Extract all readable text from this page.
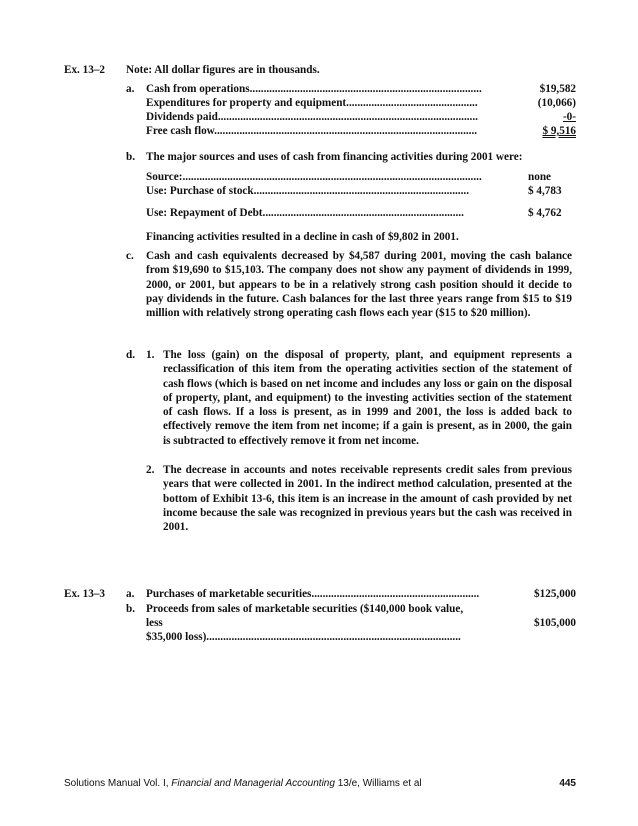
Ex. 13–2 Note: All dollar figures are in thousands.
a. Cash from operations...................................................................................	$19,582
Expenditures for property and equipment...............................................	(10,066)
Dividends paid.............................................................................................	-0-
Free cash flow..............................................................................................	$ 9,516
b. The major sources and uses of cash from financing activities during 2001 were:
Source:...........................................................................................................	none
Use: Purchase of stock.............................................................................	$ 4,783
Use: Repayment of Debt........................................................................	$ 4,762
Financing activities resulted in a decline in cash of $9,802 in 2001.
c. Cash and cash equivalents decreased by $4,587 during 2001, moving the cash balance from $19,690 to $15,103. The company does not show any payment of dividends in 1999, 2000, or 2001, but appears to be in a relatively strong cash position should it decide to pay dividends in the future. Cash balances for the last three years range from $15 to $19 million with relatively strong operating cash flows each year ($15 to $20 million).
d. 1. The loss (gain) on the disposal of property, plant, and equipment represents a reclassification of this item from the operating activities section of the statement of cash flows (which is based on net income and includes any loss or gain on the disposal of property, plant, and equipment) to the investing activities section of the statement of cash flows. If a loss is present, as in 1999 and 2001, the loss is added back to effectively remove the item from net income; if a gain is present, as in 2000, the gain is subtracted to effectively remove it from net income.
2. The decrease in accounts and notes receivable represents credit sales from previous years that were collected in 2001. In the indirect method calculation, presented at the bottom of Exhibit 13-6, this item is an increase in the amount of cash provided by net income because the sale was recognized in previous years but the cash was received in 2001.
Ex. 13–3 a. Purchases of marketable securities............................................................	$125,000
b. Proceeds from sales of marketable securities ($140,000 book value,
less	$105,000
$35,000 loss)...........................................................................................
Solutions Manual Vol. I, Financial and Managerial Accounting 13/e, Williams et al	445
